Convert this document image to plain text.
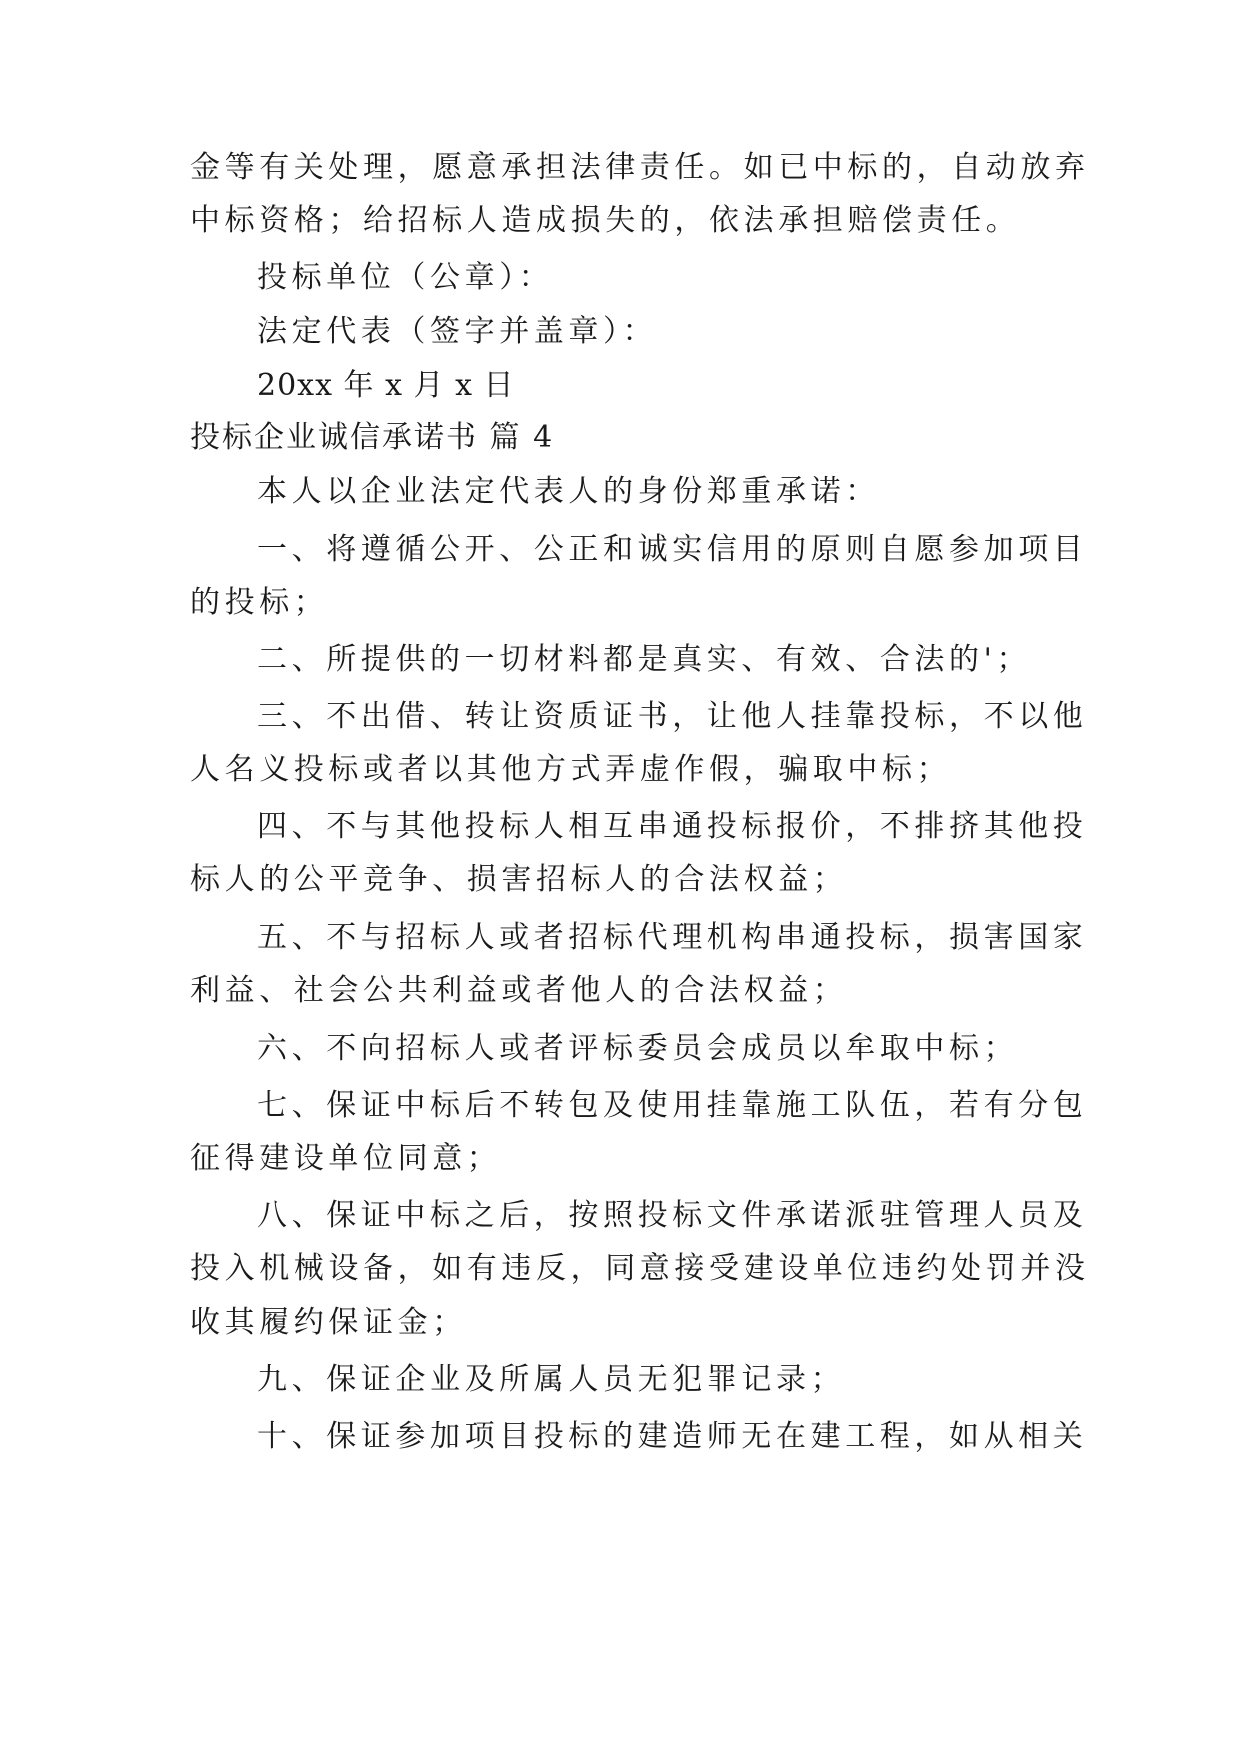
金等有关处理，愿意承担法律责任。如已中标的，自动放弃
中标资格；给招标人造成损失的，依法承担赔偿责任。
投标单位（公章）：
法定代表（签字并盖章）：
20xx 年 x 月 x 日
投标企业诚信承诺书 篇 4
本人以企业法定代表人的身份郑重承诺：
一、将遵循公开、公正和诚实信用的原则自愿参加项目
的投标；
二、所提供的一切材料都是真实、有效、合法的'；
三、不出借、转让资质证书，让他人挂靠投标，不以他
人名义投标或者以其他方式弄虚作假，骗取中标；
四、不与其他投标人相互串通投标报价，不排挤其他投
标人的公平竞争、损害招标人的合法权益；
五、不与招标人或者招标代理机构串通投标，损害国家
利益、社会公共利益或者他人的合法权益；
六、不向招标人或者评标委员会成员以牟取中标；
七、保证中标后不转包及使用挂靠施工队伍，若有分包
征得建设单位同意；
八、保证中标之后，按照投标文件承诺派驻管理人员及
投入机械设备，如有违反，同意接受建设单位违约处罚并没
收其履约保证金；
九、保证企业及所属人员无犯罪记录；
十、保证参加项目投标的建造师无在建工程，如从相关
